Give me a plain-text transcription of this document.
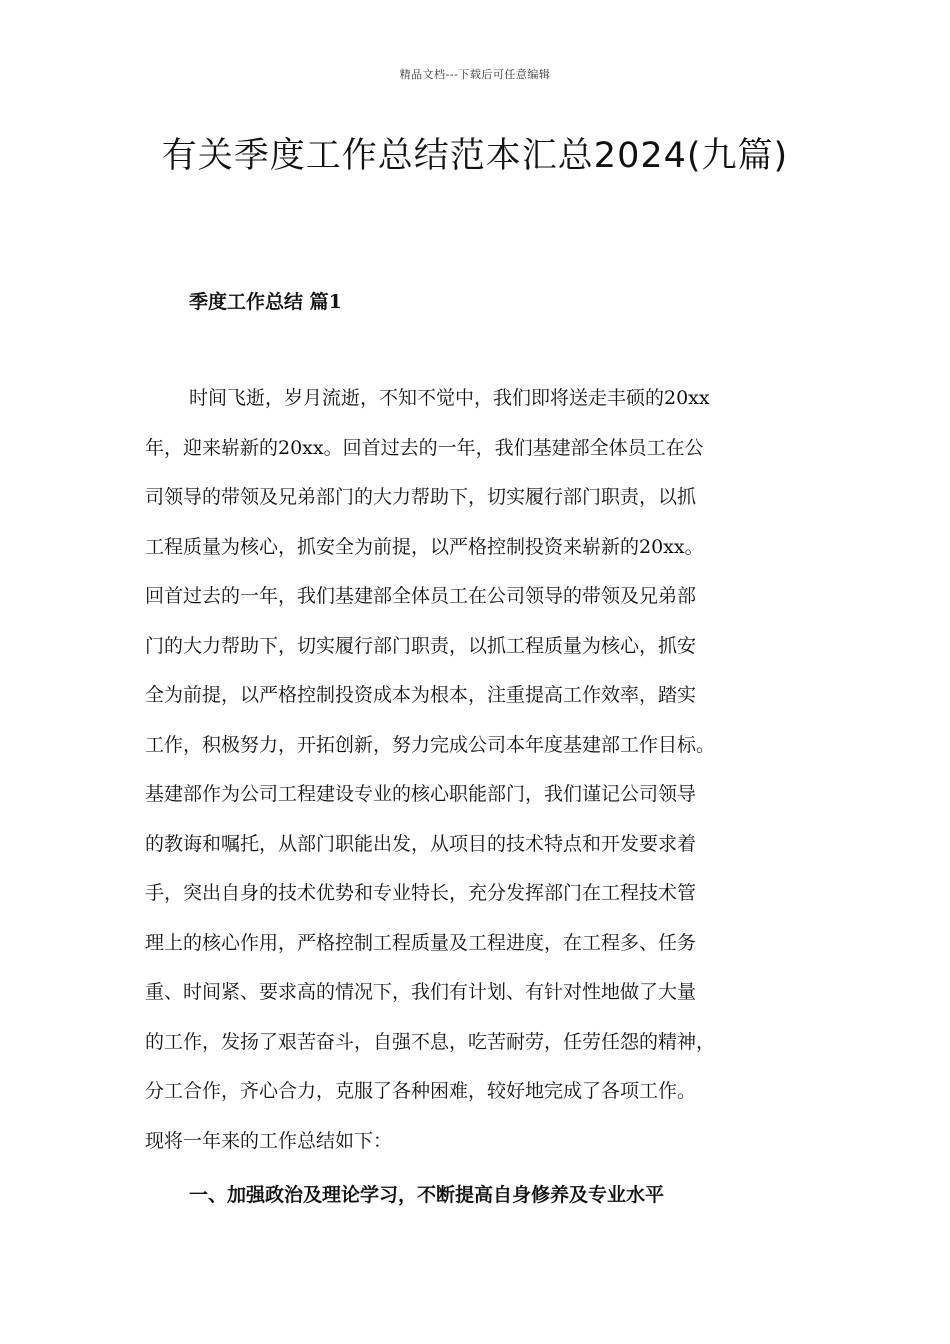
精品文档---下载后可任意编辑
有关季度工作总结范本汇总2024(九篇)
季度工作总结 篇1
时间飞逝，岁月流逝，不知不觉中，我们即将送走丰硕的20xx
年，迎来崭新的20xx。回首过去的一年，我们基建部全体员工在公
司领导的带领及兄弟部门的大力帮助下，切实履行部门职责，以抓
工程质量为核心，抓安全为前提，以严格控制投资来崭新的20xx。
回首过去的一年，我们基建部全体员工在公司领导的带领及兄弟部
门的大力帮助下，切实履行部门职责，以抓工程质量为核心，抓安
全为前提，以严格控制投资成本为根本，注重提高工作效率，踏实
工作，积极努力，开拓创新，努力完成公司本年度基建部工作目标。
基建部作为公司工程建设专业的核心职能部门，我们谨记公司领导
的教诲和嘱托，从部门职能出发，从项目的技术特点和开发要求着
手，突出自身的技术优势和专业特长，充分发挥部门在工程技术管
理上的核心作用，严格控制工程质量及工程进度，在工程多、任务
重、时间紧、要求高的情况下，我们有计划、有针对性地做了大量
的工作，发扬了艰苦奋斗，自强不息，吃苦耐劳，任劳任怨的精神，
分工合作，齐心合力，克服了各种困难，较好地完成了各项工作。
现将一年来的工作总结如下：
一、加强政治及理论学习，不断提高自身修养及专业水平
